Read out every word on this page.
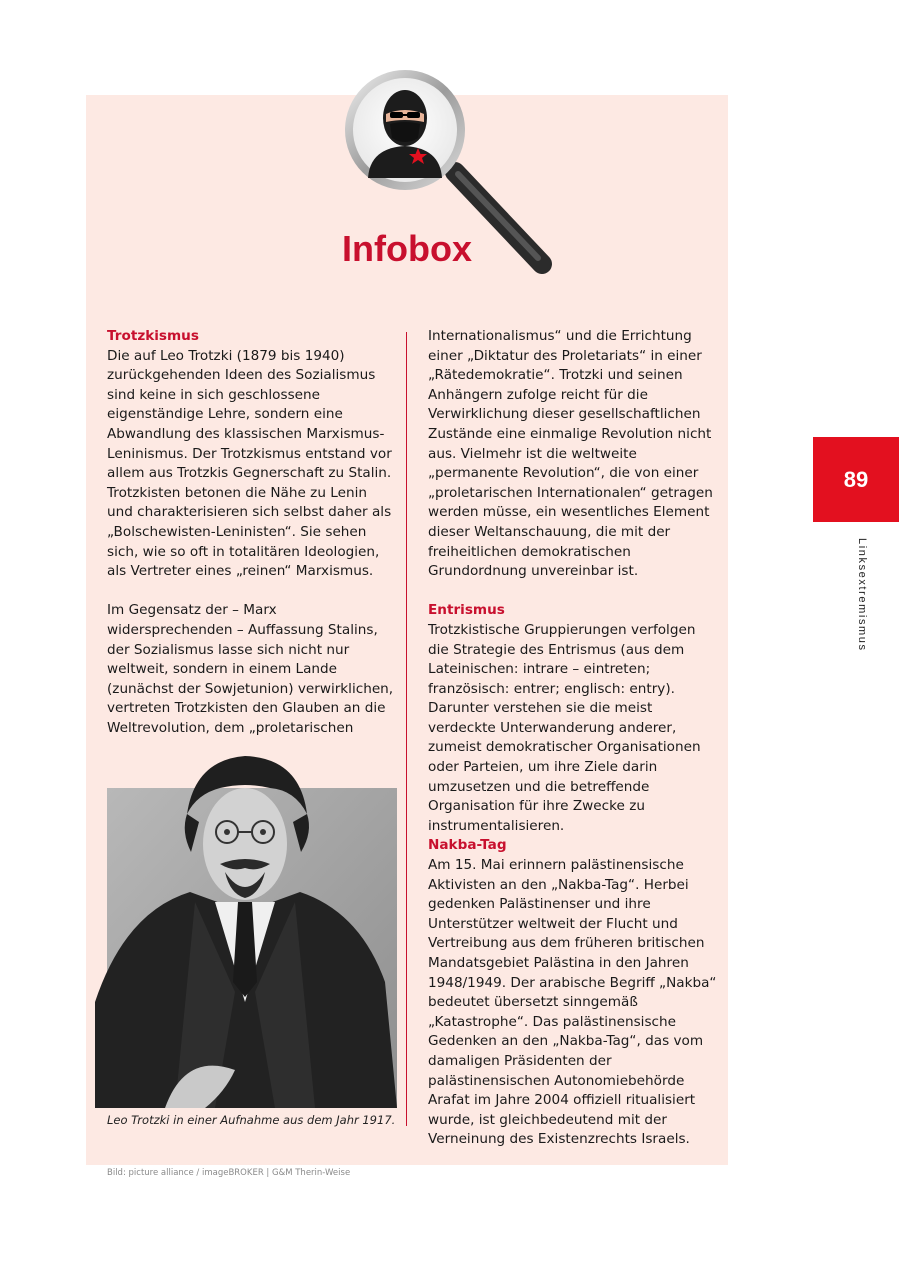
Infobox
Trotzkismus

Die auf Leo Trotzki (1879 bis 1940) zurückgehenden Ideen des Sozialismus sind keine in sich geschlossene eigenständige Lehre, sondern eine Abwandlung des klassischen Marxismus-Leninismus. Der Trotzkismus entstand vor allem aus Trotzkis Gegnerschaft zu Stalin. Trotzkisten betonen die Nähe zu Lenin und charakterisieren sich selbst daher als „Bolschewisten-Leninisten“. Sie sehen sich, wie so oft in totalitären Ideologien, als Vertreter eines „reinen“ Marxismus.

Im Gegensatz der – Marx widersprechenden – Auffassung Stalins, der Sozialismus lasse sich nicht nur weltweit, sondern in einem Lande (zunächst der Sowjetunion) verwirklichen, vertreten Trotzkisten den Glauben an die Weltrevolution, dem „proletarischen

Internationalismus“ und die Errichtung einer „Diktatur des Proletariats“ in einer „Rätedemokratie“. Trotzki und seinen Anhängern zufolge reicht für die Verwirklichung dieser gesellschaftlichen Zustände eine einmalige Revolution nicht aus. Vielmehr ist die weltweite „permanente Revolution“, die von einer „proletarischen Internationalen“ getragen werden müsse, ein wesentliches Element dieser Weltanschauung, die mit der freiheitlichen demokratischen Grundordnung unvereinbar ist.

Entrismus

Trotzkistische Gruppierungen verfolgen die Strategie des Entrismus (aus dem Lateinischen: intrare – eintreten; französisch: entrer; englisch: entry). Darunter verstehen sie die meist verdeckte Unterwanderung anderer, zumeist demokratischer Organisationen oder Parteien, um ihre Ziele darin umzusetzen und die betreffende Organisation für ihre Zwecke zu instrumentalisieren.

Nakba-Tag

Am 15. Mai erinnern palästinensische Aktivisten an den „Nakba-Tag“. Herbei gedenken Palästinenser und ihre Unterstützer weltweit der Flucht und Vertreibung aus dem früheren britischen Mandatsgebiet Palästina in den Jahren 1948/1949. Der arabische Begriff „Nakba“ bedeutet übersetzt sinngemäß „Katastrophe“. Das palästinensische Gedenken an den „Nakba-Tag“, das vom damaligen Präsidenten der palästinensischen Autonomiebehörde Arafat im Jahre 2004 offiziell ritualisiert wurde, ist gleichbedeutend mit der Verneinung des Existenzrechts Israels.

Leo Trotzki in einer Aufnahme aus dem Jahr 1917.
Bild: picture alliance / imageBROKER | G&M Therin-Weise
89
Linksextremismus
